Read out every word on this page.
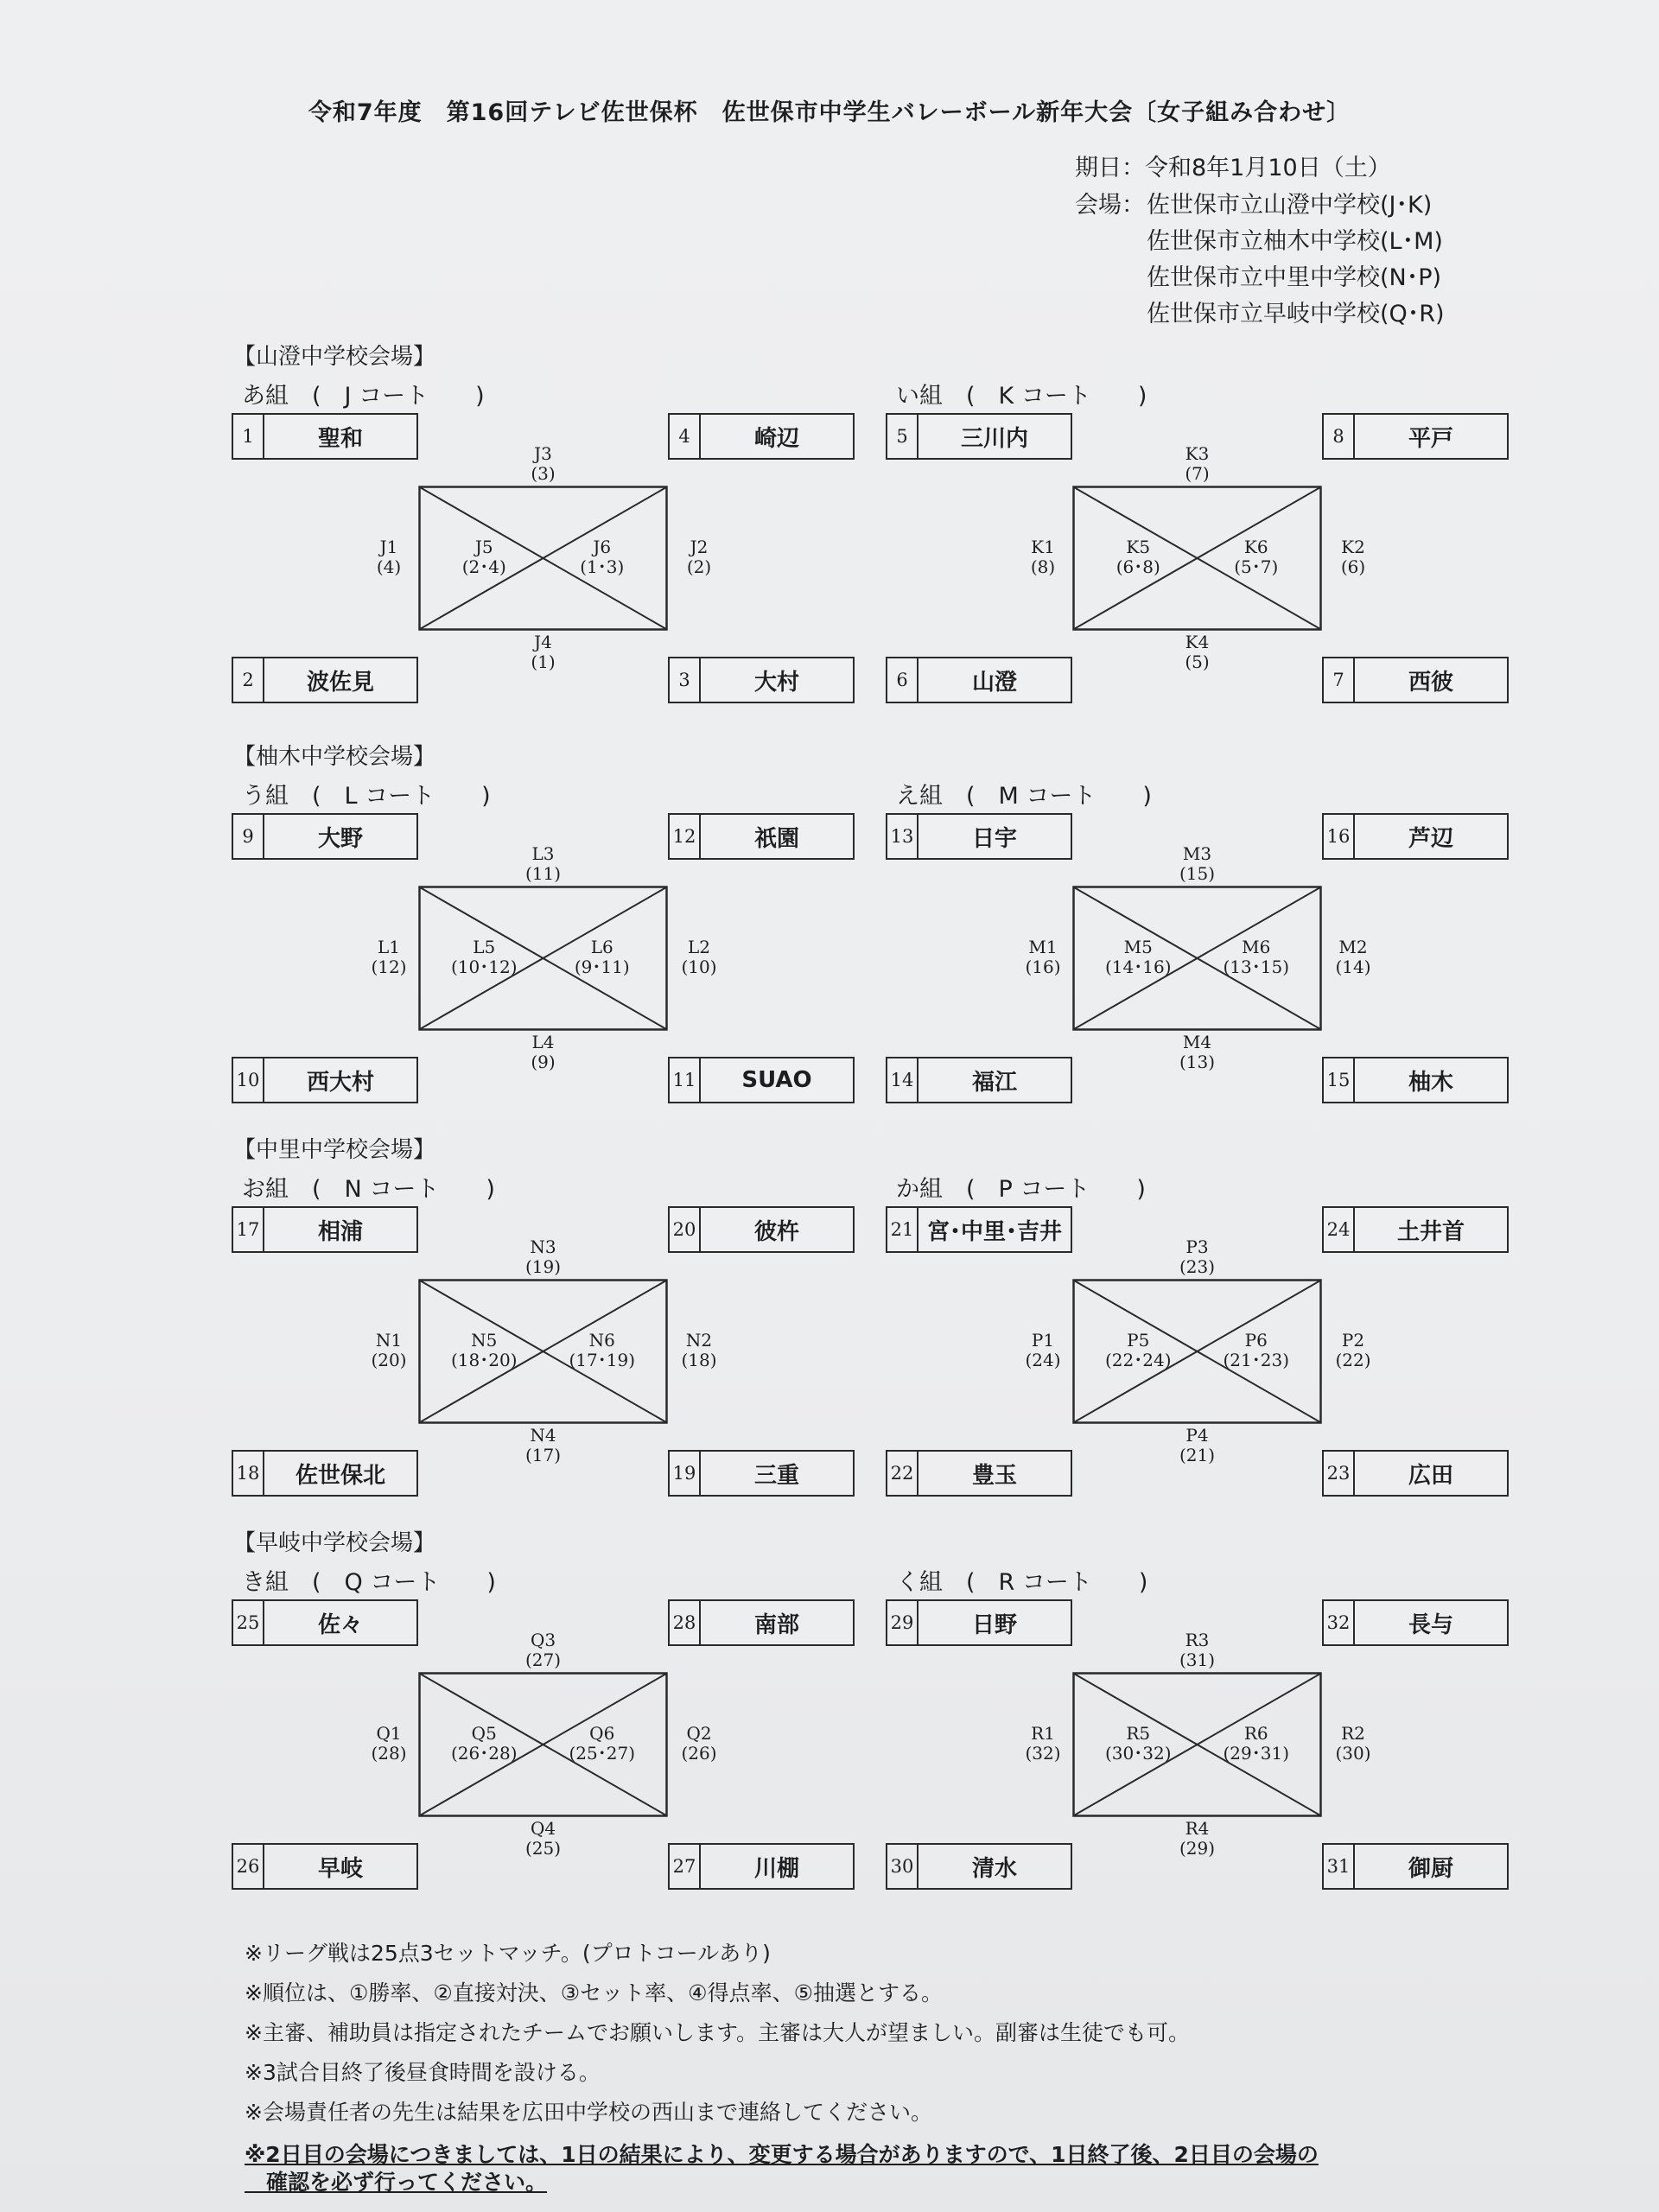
令和7年度　第16回テレビ佐世保杯　佐世保市中学生バレーボール新年大会〔女子組み合わせ〕
期日：令和8年1月10日（土）
会場： 佐世保市立山澄中学校(J･K)
佐世保市立柚木中学校(L･M)
佐世保市立中里中学校(N･P)
佐世保市立早岐中学校(Q･R)
【山澄中学校会場】
あ組　(　J コート　　)
1	聖和	4	崎辺
2	波佐見	3	大村
J3
(3)
J4
(1)
J1
(4)
J2
(2)
J5
(2･4)
J6
(1･3)
い組　(　K コート　　)
5	三川内	8	平戸
6	山澄	7	西彼
K3
(7)
K4
(5)
K1
(8)
K2
(6)
K5
(6･8)
K6
(5･7)
【柚木中学校会場】
う組　(　L コート　　)
9	大野	12	祇園
10	西大村	11	SUAO
L3
(11)
L4
(9)
L1
(12)
L2
(10)
L5
(10･12)
L6
(9･11)
え組　(　M コート　　)
13	日宇	16	芦辺
14	福江	15	柚木
M3
(15)
M4
(13)
M1
(16)
M2
(14)
M5
(14･16)
M6
(13･15)
【中里中学校会場】
お組　(　N コート　　)
17	相浦	20	彼杵
18	佐世保北	19	三重
N3
(19)
N4
(17)
N1
(20)
N2
(18)
N5
(18･20)
N6
(17･19)
か組　(　P コート　　)
21 宮･中里･吉井	24	土井首
22	豊玉	23	広田
P3
(23)
P4
(21)
P1
(24)
P2
(22)
P5
(22･24)
P6
(21･23)
【早岐中学校会場】
き組　(　Q コート　　)
25	佐々	28	南部
26	早岐	27	川棚
Q3
(27)
Q4
(25)
Q1
(28)
Q2
(26)
Q5
(26･28)
Q6
(25･27)
く組　(　R コート　　)
29	日野	32	長与
30	清水	31	御厨
R3
(31)
R4
(29)
R1
(32)
R2
(30)
R5
(30･32)
R6
(29･31)
※リーグ戦は25点3セットマッチ。(プロトコールあり)
※順位は、①勝率、②直接対決、③セット率、④得点率、⑤抽選とする。
※主審、補助員は指定されたチームでお願いします。主審は大人が望ましい。副審は生徒でも可。
※3試合目終了後昼食時間を設ける。
※会場責任者の先生は結果を広田中学校の西山まで連絡してください。
※2日目の会場につきましては、1日の結果により、変更する場合がありますので、1日終了後、2日目の会場の
　確認を必ず行ってください。
